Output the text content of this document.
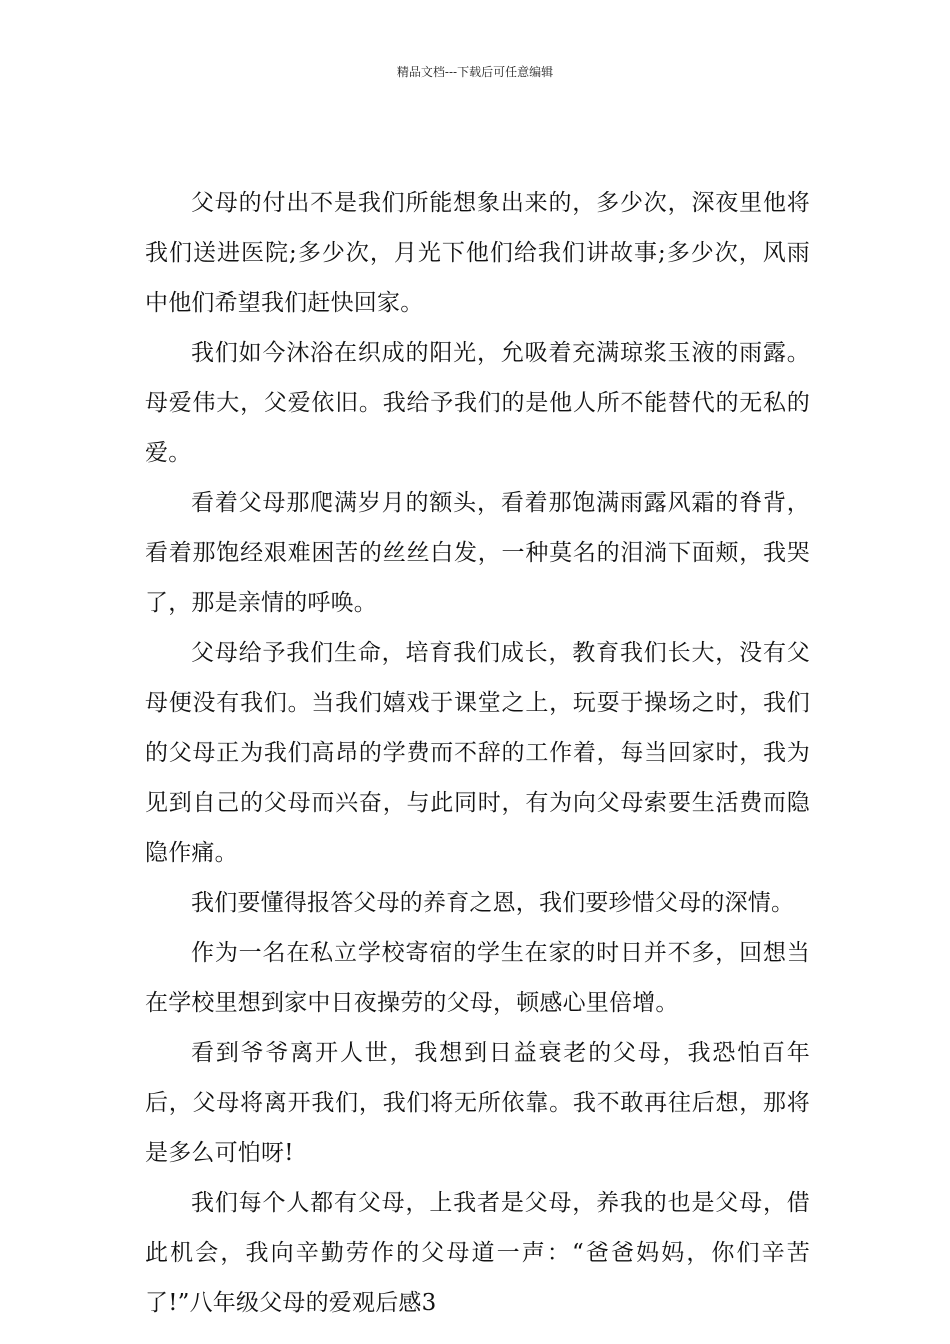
精品文档---下载后可任意编辑

父母的付出不是我们所能想象出来的，多少次，深夜里他将我们送进医院;多少次，月光下他们给我们讲故事;多少次，风雨中他们希望我们赶快回家。

我们如今沐浴在织成的阳光，允吸着充满琼浆玉液的雨露。母爱伟大，父爱依旧。我给予我们的是他人所不能替代的无私的爱。

看着父母那爬满岁月的额头，看着那饱满雨露风霜的脊背，看着那饱经艰难困苦的丝丝白发，一种莫名的泪淌下面颊，我哭了，那是亲情的呼唤。

父母给予我们生命，培育我们成长，教育我们长大，没有父母便没有我们。当我们嬉戏于课堂之上，玩耍于操场之时，我们的父母正为我们高昂的学费而不辞的工作着，每当回家时，我为见到自己的父母而兴奋，与此同时，有为向父母索要生活费而隐隐作痛。

我们要懂得报答父母的养育之恩，我们要珍惜父母的深情。

作为一名在私立学校寄宿的学生在家的时日并不多，回想当在学校里想到家中日夜操劳的父母，顿感心里倍增。

看到爷爷离开人世，我想到日益衰老的父母，我恐怕百年后，父母将离开我们，我们将无所依靠。我不敢再往后想，那将是多么可怕呀!

我们每个人都有父母，上我者是父母，养我的也是父母，借此机会，我向辛勤劳作的父母道一声：“爸爸妈妈，你们辛苦了!”八年级父母的爱观后感3
